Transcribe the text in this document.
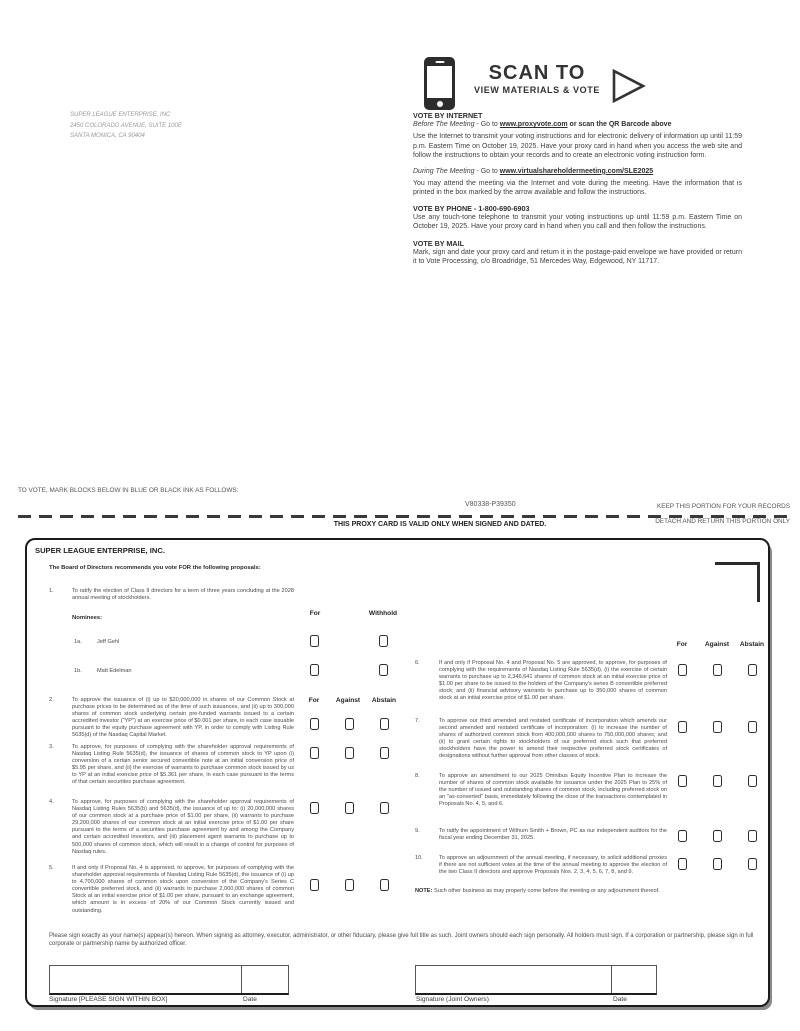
SCAN TO
VIEW MATERIALS & VOTE
SUPER LEAGUE ENTERPRISE, INC
2450 COLORADO AVENUE, SUITE 100E
SANTA MONICA, CA 90404
VOTE BY INTERNET
Before The Meeting - Go to www.proxyvote.com or scan the QR Barcode above

Use the Internet to transmit your voting instructions and for electronic delivery of information up until 11:59 p.m. Eastern Time on October 19, 2025. Have your proxy card in hand when you access the web site and follow the instructions to obtain your records and to create an electronic voting instruction form.

During The Meeting - Go to www.virtualshareholdermeeting.com/SLE2025

You may attend the meeting via the Internet and vote during the meeting. Have the information that is printed in the box marked by the arrow available and follow the instructions.

VOTE BY PHONE - 1-800-690-6903

Use any touch-tone telephone to transmit your voting instructions up until 11:59 p.m. Eastern Time on October 19, 2025. Have your proxy card in hand when you call and then follow the instructions.

VOTE BY MAIL

Mark, sign and date your proxy card and return it in the postage-paid envelope we have provided or return it to Vote Processing, c/o Broadridge, 51 Mercedes Way, Edgewood, NY 11717.

TO VOTE, MARK BLOCKS BELOW IN BLUE OR BLACK INK AS FOLLOWS:
V80338-P39350	KEEP THIS PORTION FOR YOUR RECORDS
THIS PROXY CARD IS VALID ONLY WHEN SIGNED AND DATED.	DETACH AND RETURN THIS PORTION ONLY
SUPER LEAGUE ENTERPRISE, INC.
The Board of Directors recommends you vote FOR the following proposals:
1.	To ratify the election of Class II directors for a term of three years concluding at the 2028 annual meeting of stockholders.
Nominees:
For	Withhold
1a.	Jeff Gehl
1b.	Matt Edelman
For	Against Abstain
2.	To approve the issuance of (i) up to $20,000,000 in shares of our Common Stock at purchase prices to be determined as of the time of such issuances, and (ii) up to 300,000 shares of common stock underlying certain pre-funded warrants issued to a certain accredited investor ("YP") at an exercise price of $0.001 per share, in each case issuable pursuant to the equity purchase agreement with YP, in order to comply with Listing Rule 5635(d) of the Nasdaq Capital Market.
3.	To approve, for purposes of complying with the shareholder approval requirements of Nasdaq Listing Rule 5635(d), the issuance of shares of common stock to YP upon (i) conversion of a certain senior secured convertible note at an initial conversion price of $5.95 per share, and (ii) the exercise of warrants to purchase common stock issued by us to YP at an initial exercise price of $5.361 per share, in each case pursuant to the terms of that certain securities purchase agreement.
4.	To approve, for purposes of complying with the shareholder approval requirements of Nasdaq Listing Rules 5635(b) and 5635(d), the issuance of up to: (i) 20,000,000 shares of our common stock at a purchase price of $1.00 per share, (ii) warrants to purchase 29,200,000 shares of our common stock at an initial exercise price of $1.00 per share pursuant to the terms of a securities purchase agreement by and among the Company and certain accredited investors, and (iii) placement agent warrants to purchase up to 500,000 shares of common stock, which will result in a change of control for purposes of Nasdaq rules.
5.	If and only if Proposal No. 4 is approved, to approve, for purposes of complying with the shareholder approval requirements of Nasdaq Listing Rule 5635(d), the issuance of (i) up to 4,700,000 shares of common stock upon conversion of the Company's Series C convertible preferred stock, and (ii) warrants to purchase 2,000,000 shares of common Stock at an initial exercise price of $1.00 per share, pursuant to an exchange agreement, which amount is in excess of 20% of our Common Stock currently issued and outstanding.
For	Against Abstain
6.	If and only if Proposal No. 4 and Proposal No. 5 are approved, to approve, for purposes of complying with the requirements of Nasdaq Listing Rule 5635(d), (i) the exercise of certain warrants to purchase up to 2,346,641 shares of common stock at an initial exercise price of $1.00 per share to be issued to the holders of the Company's series B convertible preferred stock; and (ii) financial advisory warrants to purchase up to 350,000 shares of common stock at an initial exercise price of $1.00 per share.
7.	To approve our third amended and restated certificate of incorporation which amends our second amended and restated certificate of incorporation: (i) to increase the number of shares of authorized common stock from 400,000,000 shares to 750,000,000 shares; and (ii) to grant certain rights to stockholders of our preferred stock such that preferred stockholders have the power to amend their respective preferred stock certificates of designations without further approval from other classes of stock.
8.	To approve an amendment to our 2025 Omnibus Equity Incentive Plan to increase the number of shares of common stock available for issuance under the 2025 Plan to 25% of the number of issued and outstanding shares of common stock, including preferred stock on an "as-converted" basis, immediately following the close of the transactions contemplated in Proposals No. 4, 5, and 6.
9.	To ratify the appointment of Withum Smith + Brown, PC as our independent auditors for the fiscal year ending December 31, 2025.
10.	To approve an adjournment of the annual meeting, if necessary, to solicit additional proxies if there are not sufficient votes at the time of the annual meeting to approve the election of the two Class II directors and approve Proposals Nos. 2, 3, 4, 5, 6, 7, 8, and 9.
NOTE: Such other business as may properly come before the meeting or any adjournment thereof.
Please sign exactly as your name(s) appear(s) hereon. When signing as attorney, executor, administrator, or other fiduciary, please give full title as such. Joint owners should each sign personally. All holders must sign. If a corporation or partnership, please sign in full corporate or partnership name by authorized officer.
Signature [PLEASE SIGN WITHIN BOX]	Date	Signature (Joint Owners)	Date
